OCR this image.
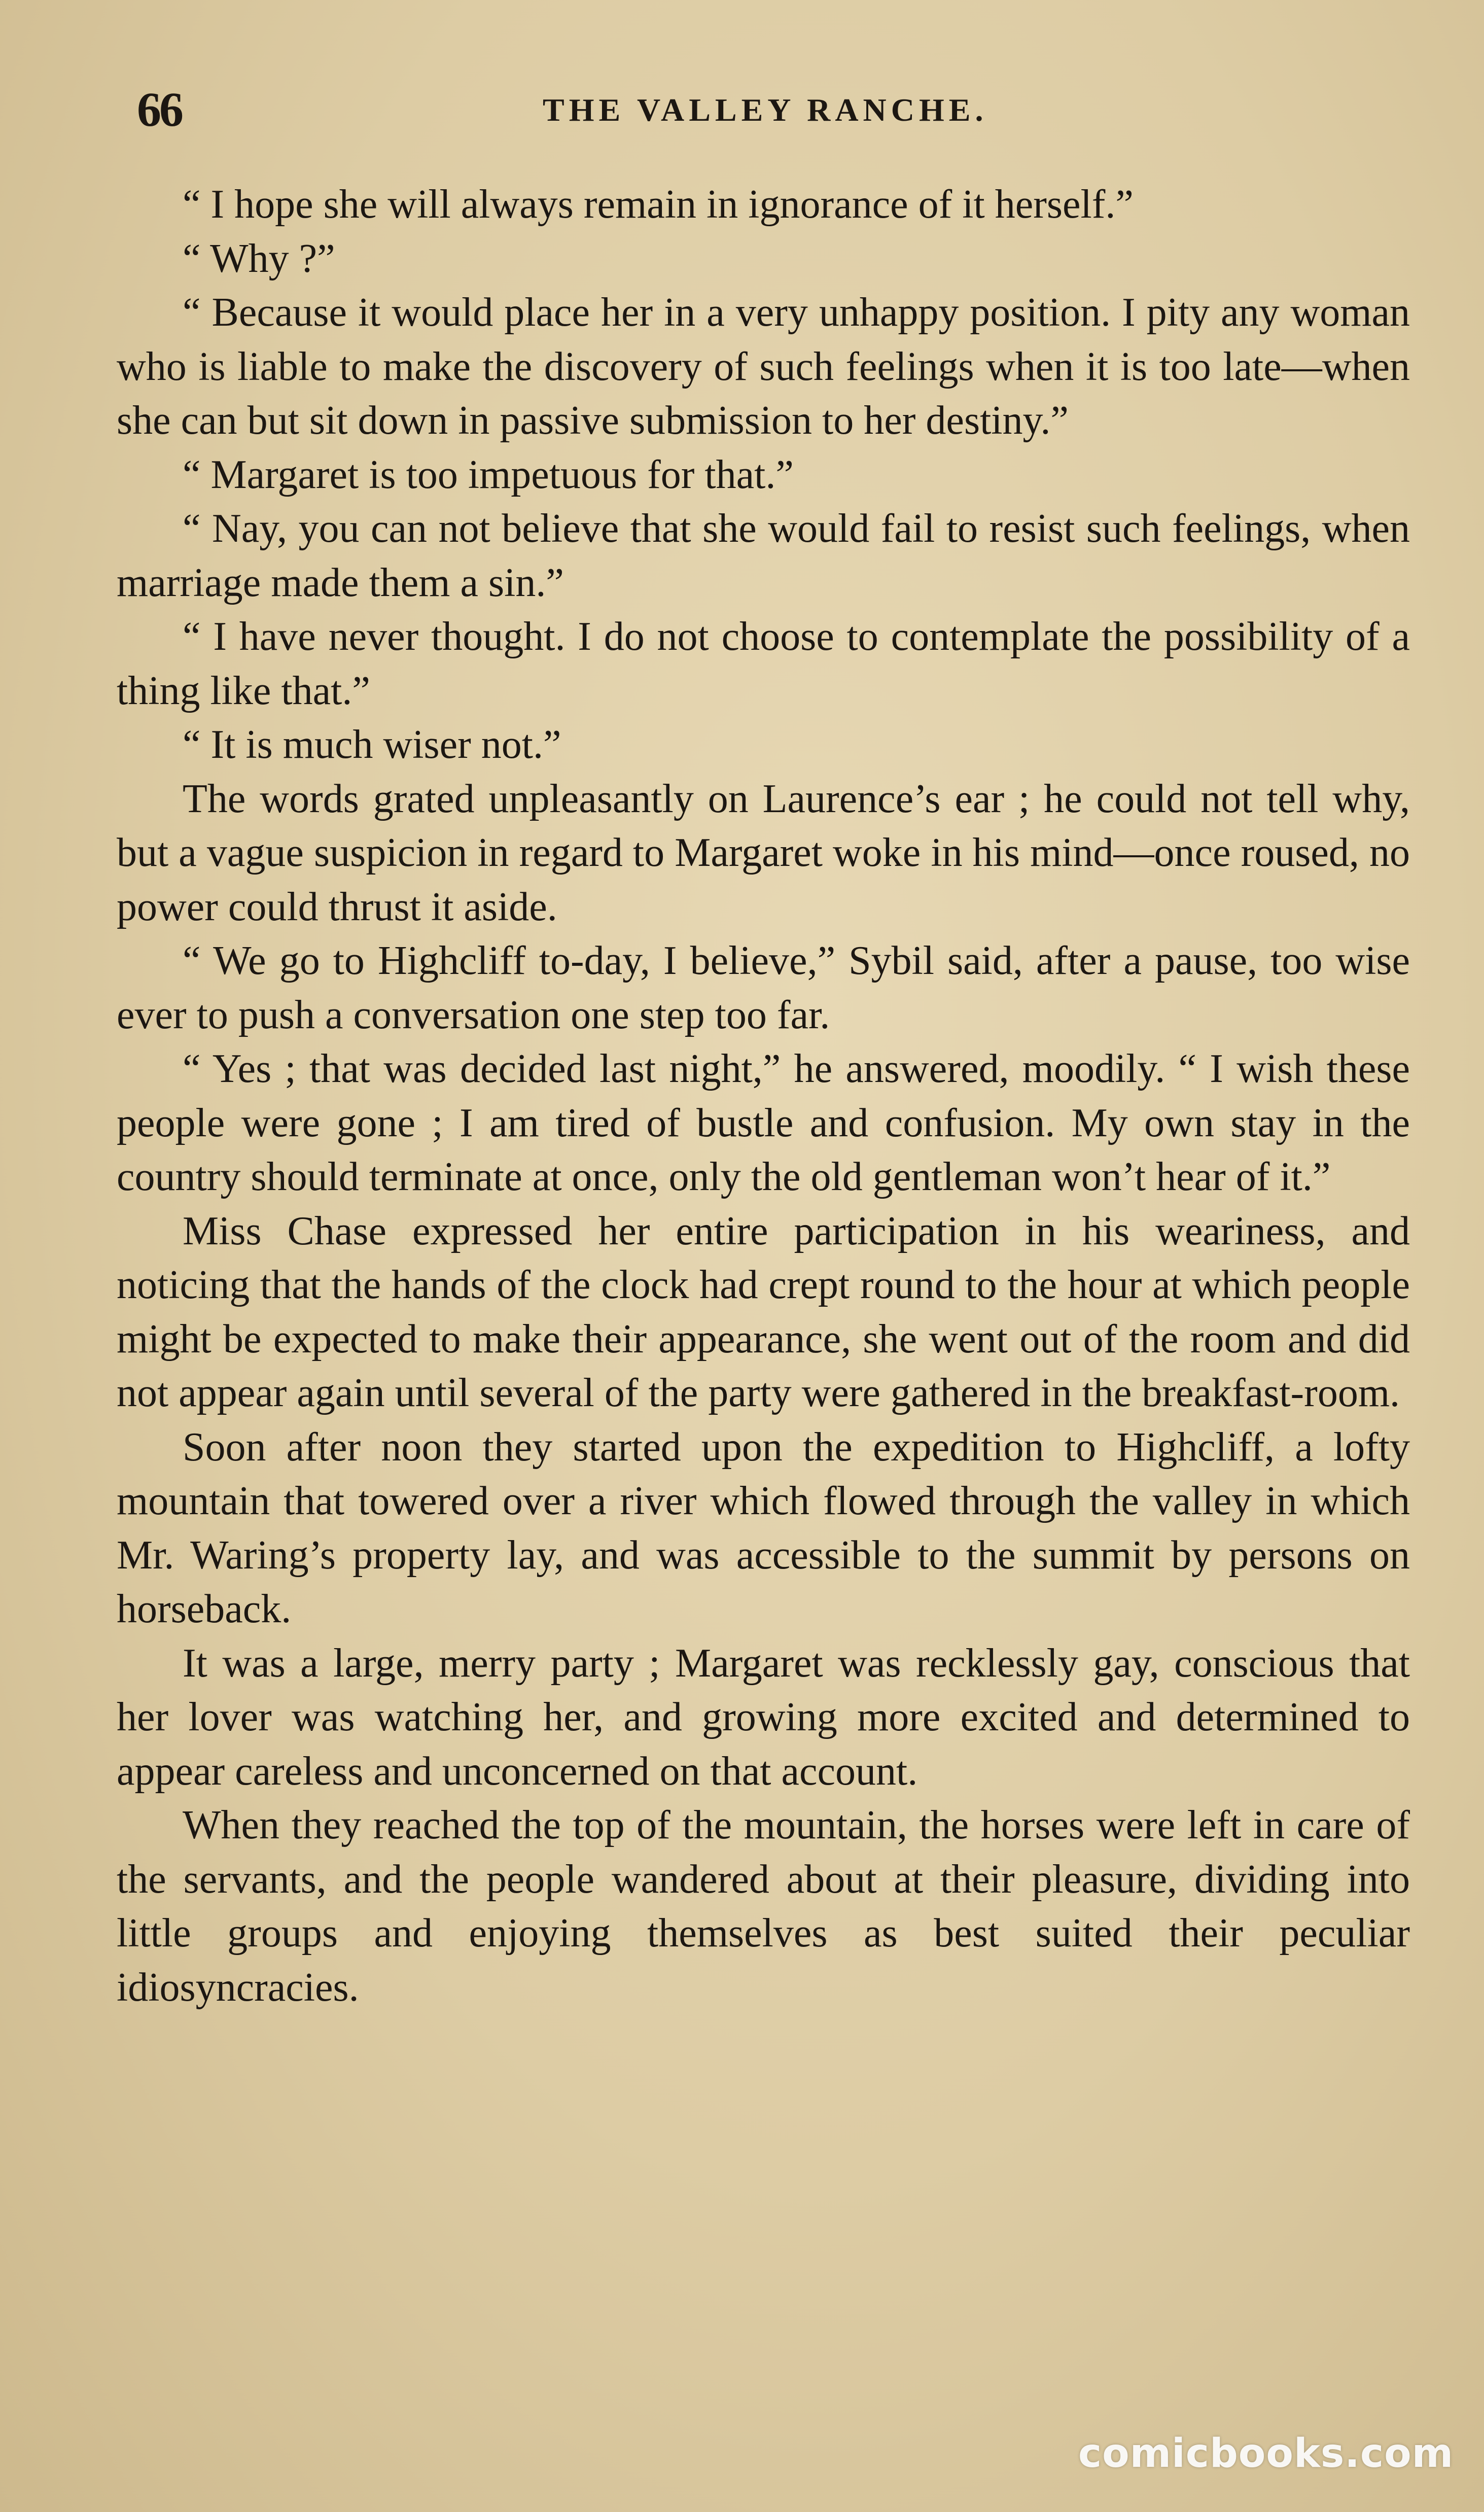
66	THE VALLEY RANCHE.

“ I hope she will always remain in ignorance of it herself.”

“ Why ?”

“ Because it would place her in a very unhappy position. I pity any woman who is liable to make the discovery of such feelings when it is too late—when she can but sit down in passive submission to her destiny.”

“ Margaret is too impetuous for that.”

“ Nay, you can not believe that she would fail to resist such feelings, when marriage made them a sin.”

“ I have never thought. I do not choose to contemplate the possibility of a thing like that.”

“ It is much wiser not.”

The words grated unpleasantly on Laurence’s ear ; he could not tell why, but a vague suspicion in regard to Margaret woke in his mind—once roused, no power could thrust it aside.

“ We go to Highcliff to-day, I believe,” Sybil said, after a pause, too wise ever to push a conversation one step too far.

“ Yes ; that was decided last night,” he answered, moodily. “ I wish these people were gone ; I am tired of bustle and confusion. My own stay in the country should terminate at once, only the old gentleman won’t hear of it.”

Miss Chase expressed her entire participation in his weariness, and noticing that the hands of the clock had crept round to the hour at which people might be expected to make their appearance, she went out of the room and did not appear again until several of the party were gathered in the breakfast-room.

Soon after noon they started upon the expedition to Highcliff, a lofty mountain that towered over a river which flowed through the valley in which Mr. Waring’s property lay, and was accessible to the summit by persons on horseback.

It was a large, merry party ; Margaret was recklessly gay, conscious that her lover was watching her, and growing more excited and determined to appear careless and unconcerned on that account.

When they reached the top of the mountain, the horses were left in care of the servants, and the people wandered about at their pleasure, dividing into little groups and enjoying themselves as best suited their peculiar idiosyncracies.

comicbooks.com
